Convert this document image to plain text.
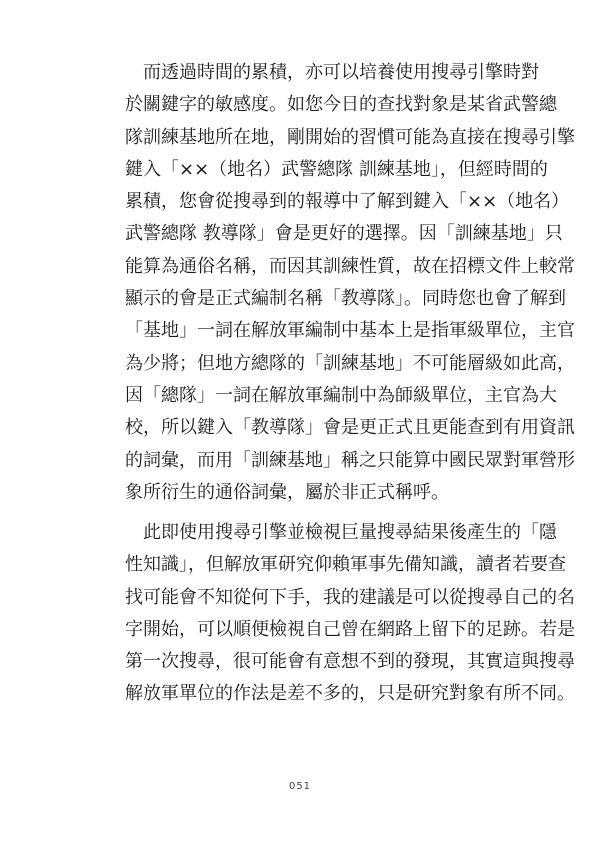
而透過時間的累積，亦可以培養使用搜尋引擎時對
於關鍵字的敏感度。如您今日的查找對象是某省武警總
隊訓練基地所在地，剛開始的習慣可能為直接在搜尋引擎
鍵入「××（地名）武警總隊 訓練基地」，但經時間的
累積，您會從搜尋到的報導中了解到鍵入「××（地名）
武警總隊 教導隊」會是更好的選擇。因「訓練基地」只
能算為通俗名稱，而因其訓練性質，故在招標文件上較常
顯示的會是正式編制名稱「教導隊」。同時您也會了解到
「基地」一詞在解放軍編制中基本上是指軍級單位，主官
為少將；但地方總隊的「訓練基地」不可能層級如此高，
因「總隊」一詞在解放軍編制中為師級單位，主官為大
校，所以鍵入「教導隊」會是更正式且更能查到有用資訊
的詞彙，而用「訓練基地」稱之只能算中國民眾對軍營形
象所衍生的通俗詞彙，屬於非正式稱呼。
此即使用搜尋引擎並檢視巨量搜尋結果後產生的「隱
性知識」，但解放軍研究仰賴軍事先備知識，讀者若要查
找可能會不知從何下手，我的建議是可以從搜尋自己的名
字開始，可以順便檢視自己曾在網路上留下的足跡。若是
第一次搜尋，很可能會有意想不到的發現，其實這與搜尋
解放軍單位的作法是差不多的，只是研究對象有所不同。
051
